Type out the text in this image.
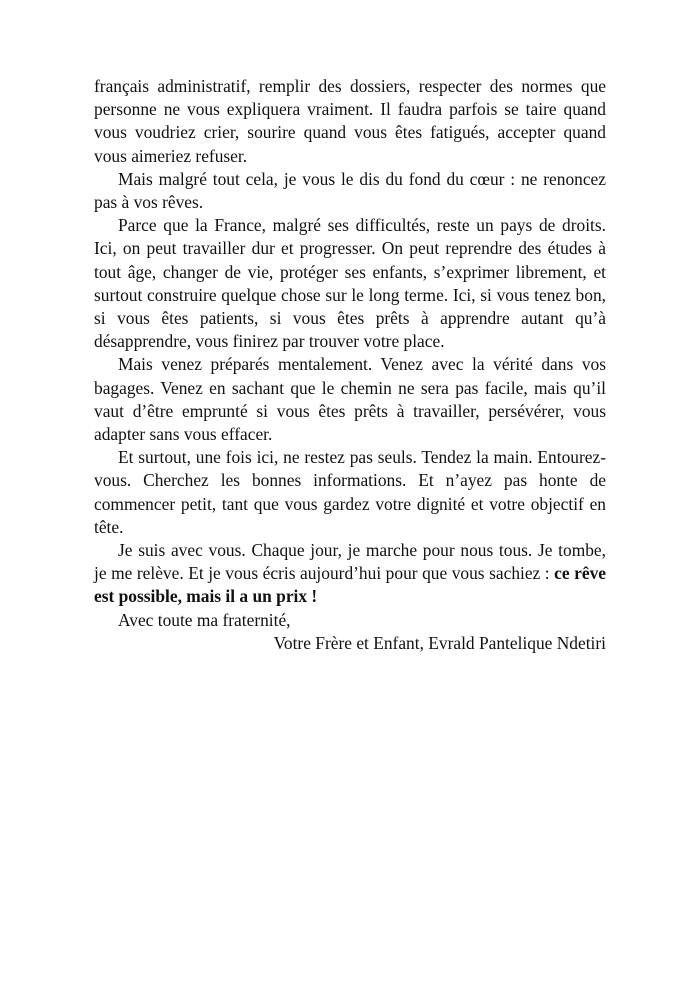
français administratif, remplir des dossiers, respecter des normes que personne ne vous expliquera vraiment. Il faudra parfois se taire quand vous voudriez crier, sourire quand vous êtes fatigués, accepter quand vous aimeriez refuser.

Mais malgré tout cela, je vous le dis du fond du cœur : ne renoncez pas à vos rêves.

Parce que la France, malgré ses difficultés, reste un pays de droits. Ici, on peut travailler dur et progresser. On peut reprendre des études à tout âge, changer de vie, protéger ses enfants, s’exprimer librement, et surtout construire quelque chose sur le long terme. Ici, si vous tenez bon, si vous êtes patients, si vous êtes prêts à apprendre autant qu’à désapprendre, vous finirez par trouver votre place.

Mais venez préparés mentalement. Venez avec la vérité dans vos bagages. Venez en sachant que le chemin ne sera pas facile, mais qu’il vaut d’être emprunté si vous êtes prêts à travailler, persévérer, vous adapter sans vous effacer.

Et surtout, une fois ici, ne restez pas seuls. Tendez la main. Entourez-vous. Cherchez les bonnes informations. Et n’ayez pas honte de commencer petit, tant que vous gardez votre dignité et votre objectif en tête.

Je suis avec vous. Chaque jour, je marche pour nous tous. Je tombe, je me relève. Et je vous écris aujourd’hui pour que vous sachiez : ce rêve est possible, mais il a un prix !

Avec toute ma fraternité,

Votre Frère et Enfant, Evrald Pantelique Ndetiri
